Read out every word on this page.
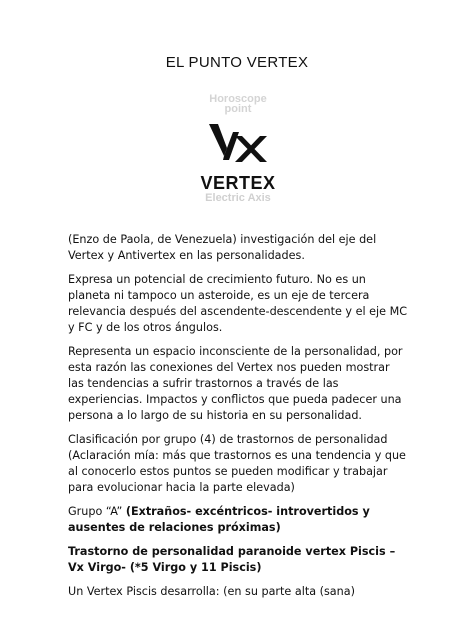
EL PUNTO VERTEX
Horoscope
point
VERTEX
Electric Axis

(Enzo de Paola, de Venezuela) investigación del eje del Vertex y Antivertex en las personalidades.

Expresa un potencial de crecimiento futuro. No es un planeta ni tampoco un asteroide, es un eje de tercera relevancia después del ascendente-descendente y el eje MC y FC y de los otros ángulos.

Representa un espacio inconsciente de la personalidad, por esta razón las conexiones del Vertex nos pueden mostrar las tendencias a sufrir trastornos a través de las experiencias. Impactos y conflictos que pueda padecer una persona a lo largo de su historia en su personalidad.

Clasificación por grupo (4) de trastornos de personalidad (Aclaración mía: más que trastornos es una tendencia y que al conocerlo estos puntos se pueden modificar y trabajar para evolucionar hacia la parte elevada)

Grupo “A” (Extraños- excéntricos- introvertidos y ausentes de relaciones próximas)

Trastorno de personalidad paranoide vertex Piscis – Vx Virgo- (*5 Virgo y 11 Piscis)

Un Vertex Piscis desarrolla: (en su parte alta (sana)
